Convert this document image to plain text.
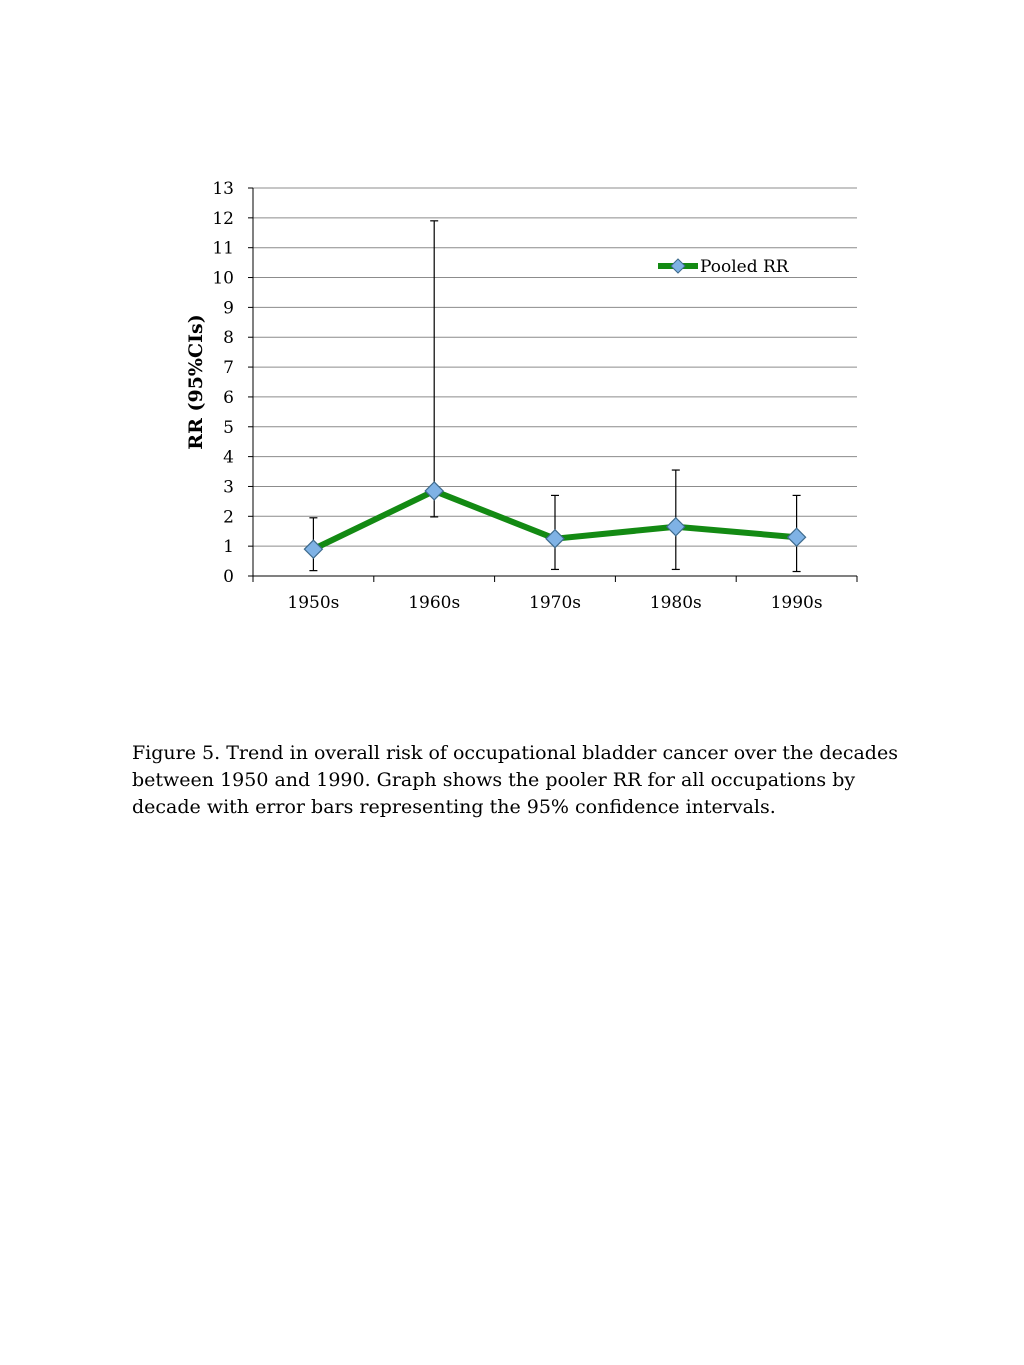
0
1
2
3
4
5
6
7
8
9
10
11
12
13
1950s	1960s	1970s	1980s	1990s
RR (95%CIs)
Pooled RR
Figure 5. Trend in overall risk of occupational bladder cancer over the decades between 1950 and 1990. Graph shows the pooler RR for all occupations by decade with error bars representing the 95% confidence intervals.
